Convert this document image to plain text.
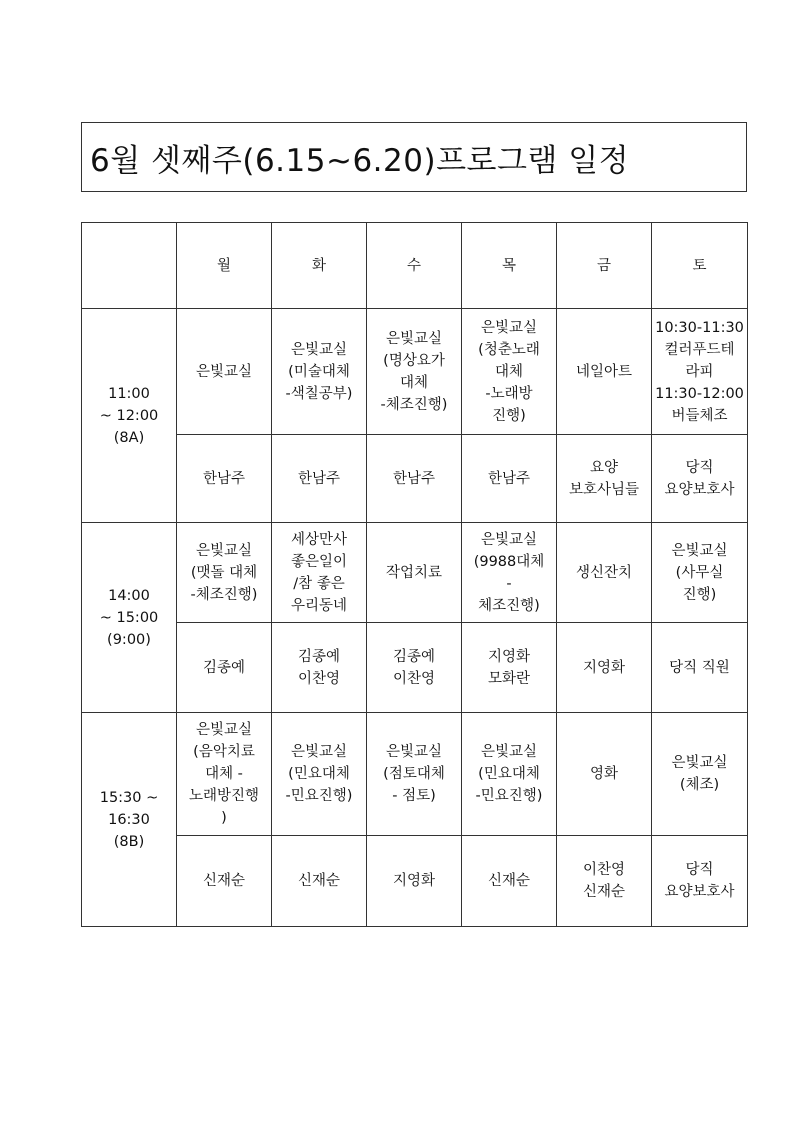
6월 셋째주(6.15~6.20)프로그램 일정
	월	화	수	목	금	토
11:00
~ 12:00
(8A)	은빛교실	은빛교실
(미술대체
-색칠공부)	은빛교실
(명상요가
대체
-체조진행)	은빛교실
(청춘노래
대체
-노래방
진행)	네일아트	10:30-11:30
컬러푸드테
라피
11:30-12:00
버들체조
	한남주	한남주	한남주	한남주	요양
보호사님들	당직
요양보호사
14:00
~ 15:00
(9:00)	은빛교실
(맷돌 대체
-체조진행)	세상만사
좋은일이
/참 좋은
우리동네	작업치료	은빛교실
(9988대체
-
체조진행)	생신잔치	은빛교실
(사무실
진행)
	김종예	김종예
이찬영	김종예
이찬영	지영화
모화란	지영화	당직 직원
15:30 ~
16:30
(8B)	은빛교실
(음악치료
대체 -
노래방진행
)	은빛교실
(민요대체
-민요진행)	은빛교실
(점토대체
- 점토)	은빛교실
(민요대체
-민요진행)	영화	은빛교실
(체조)
	신재순	신재순	지영화	신재순	이찬영
신재순	당직
요양보호사
